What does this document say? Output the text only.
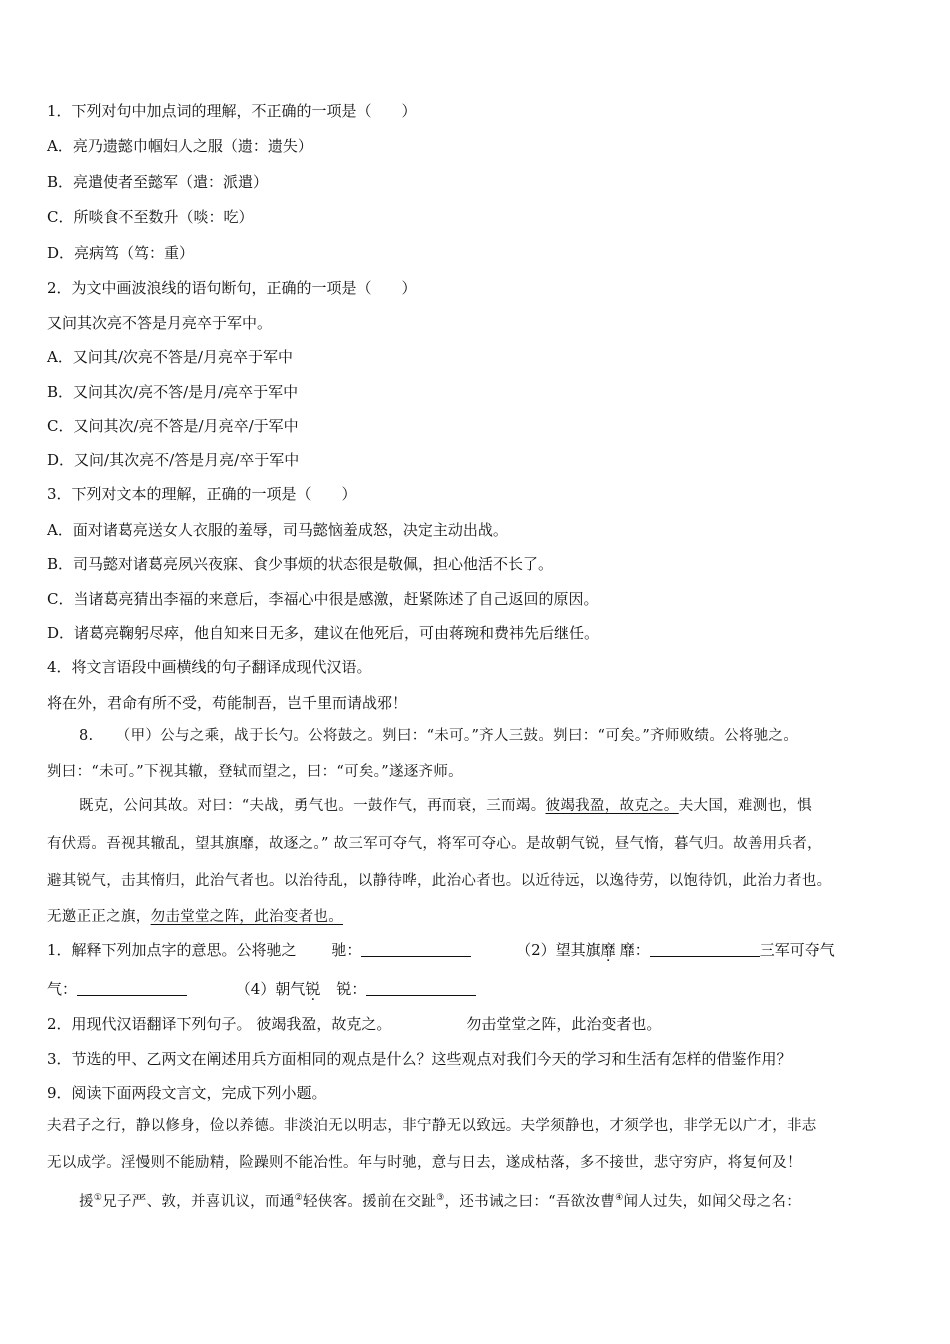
1．下列对句中加点词的理解，不正确的一项是（　　）
A．亮乃遗懿巾帼妇人之服（遗：遗失）
B．亮遣使者至懿军（遣：派遣）
C．所啖食不至数升（啖：吃）
D．亮病笃（笃：重）
2．为文中画波浪线的语句断句，正确的一项是（　　）
又问其次亮不答是月亮卒于军中。
A．又问其/次亮不答是/月亮卒于军中
B．又问其次/亮不答/是月/亮卒于军中
C．又问其次/亮不答是/月亮卒/于军中
D．又问/其次亮不/答是月亮/卒于军中
3．下列对文本的理解，正确的一项是（　　）
A．面对诸葛亮送女人衣服的羞辱，司马懿恼羞成怒，决定主动出战。
B．司马懿对诸葛亮夙兴夜寐、食少事烦的状态很是敬佩，担心他活不长了。
C．当诸葛亮猜出李福的来意后，李福心中很是感激，赶紧陈述了自己返回的原因。
D．诸葛亮鞠躬尽瘁，他自知来日无多，建议在他死后，可由蒋琬和费祎先后继任。
4．将文言语段中画横线的句子翻译成现代汉语。
将在外，君命有所不受，苟能制吾，岂千里而请战邪！
8.　　（甲）公与之乘，战于长勺。公将鼓之。刿曰：“未可。”齐人三鼓。刿曰：“可矣。”齐师败绩。公将驰之。
刿曰：“未可。”下视其辙，登轼而望之，曰：“可矣。”遂逐齐师。
既克，公问其故。对曰：“夫战，勇气也。一鼓作气，再而衰，三而竭。彼竭我盈，故克之。夫大国，难测也，惧
有伏焉。吾视其辙乱，望其旗靡，故逐之。” 故三军可夺气，将军可夺心。是故朝气锐，昼气惰，暮气归。故善用兵者，
避其锐气，击其惰归，此治气者也。以治待乱，以静待哗，此治心者也。以近待远，以逸待劳，以饱待饥，此治力者也。
无邀正正之旗，勿击堂堂之阵，此治变者也。
1．解释下列加点字的意思。公将驰之 驰：	（2）望其旗靡 靡：	三军可夺气
气：	（4）朝气锐 锐：
2．用现代汉语翻译下列句子。 彼竭我盈，故克之。	勿击堂堂之阵，此治变者也。
3．节选的甲、乙两文在阐述用兵方面相同的观点是什么？这些观点对我们今天的学习和生活有怎样的借鉴作用？
9．阅读下面两段文言文，完成下列小题。
夫君子之行，静以修身，俭以养德。非淡泊无以明志，非宁静无以致远。夫学须静也，才须学也，非学无以广才，非志
无以成学。淫慢则不能励精，险躁则不能冶性。年与时驰，意与日去，遂成枯落，多不接世，悲守穷庐，将复何及！
援①兄子严、敦，并喜讥议，而通②轻侠客。援前在交趾③，还书诫之曰：“吾欲汝曹④闻人过失，如闻父母之名：
